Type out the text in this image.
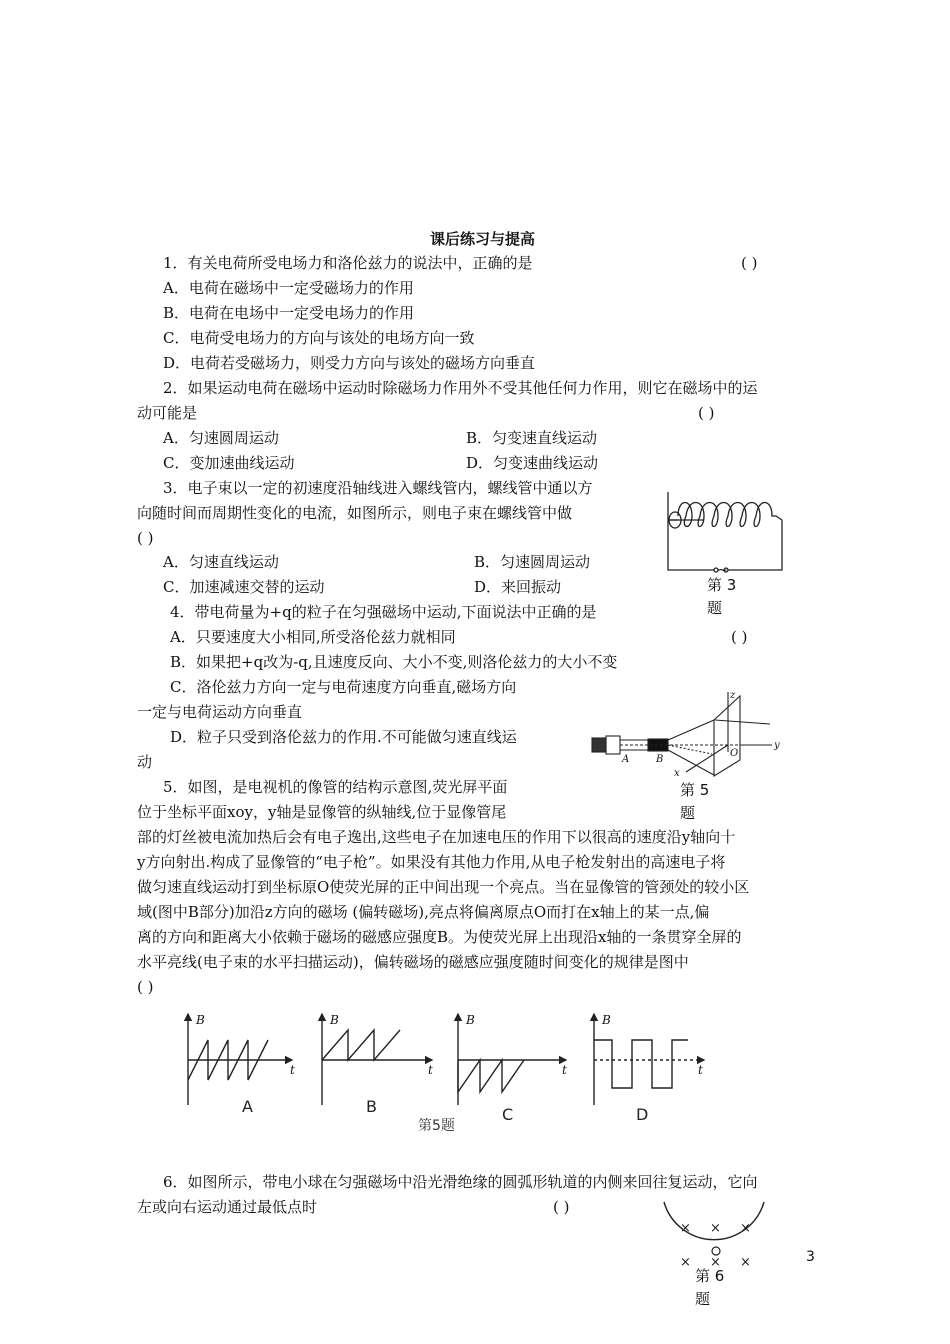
课后练习与提高
1．有关电荷所受电场力和洛伦兹力的说法中，正确的是	( )
A．电荷在磁场中一定受磁场力的作用
B．电荷在电场中一定受电场力的作用
C．电荷受电场力的方向与该处的电场方向一致
D．电荷若受磁场力，则受力方向与该处的磁场方向垂直
2．如果运动电荷在磁场中运动时除磁场力作用外不受其他任何力作用，则它在磁场中的运
动可能是	( )
A．匀速圆周运动	B．匀变速直线运动
C．变加速曲线运动	D．匀变速曲线运动
3．电子束以一定的初速度沿轴线进入螺线管内，螺线管中通以方
向随时间而周期性变化的电流，如图所示，则电子束在螺线管中做
( )
A．匀速直线运动	B．匀速圆周运动
C．加速减速交替的运动	D．来回振动
~
第 3
题
4．带电荷量为+q的粒子在匀强磁场中运动,下面说法中正确的是
( )
A．只要速度大小相同,所受洛伦兹力就相同
B．如果把+q改为-q,且速度反向、大小不变,则洛伦兹力的大小不变
C．洛伦兹力方向一定与电荷速度方向垂直,磁场方向
一定与电荷运动方向垂直
D．粒子只受到洛伦兹力的作用.不可能做匀速直线运
动
z
y
x
O
A	B
第 5
题
5．如图，是电视机的像管的结构示意图,荧光屏平面
位于坐标平面xoy，y轴是显像管的纵轴线,位于显像管尾
部的灯丝被电流加热后会有电子逸出,这些电子在加速电压的作用下以很高的速度沿y轴向十
y方向射出.构成了显像管的“电子枪”。如果没有其他力作用,从电子枪发射出的高速电子将
做匀速直线运动打到坐标原O使荧光屏的正中间出现一个亮点。当在显像管的管颈处的较小区
域(图中B部分)加沿z方向的磁场 (偏转磁场),亮点将偏离原点O而打在x轴上的某一点,偏
离的方向和距离大小依赖于磁场的磁感应强度B。为使荧光屏上出现沿x轴的一条贯穿全屏的
水平亮线(电子束的水平扫描运动)，偏转磁场的磁感应强度随时间变化的规律是图中
( )
B
t
B
t
B
t
B
t
A	B	C	D
第5题
6．如图所示，带电小球在匀强磁场中沿光滑绝缘的圆弧形轨道的内侧来回往复运动，它向
左或向右运动通过最低点时	( )
× × ×
× × ×
第 6
题
3
